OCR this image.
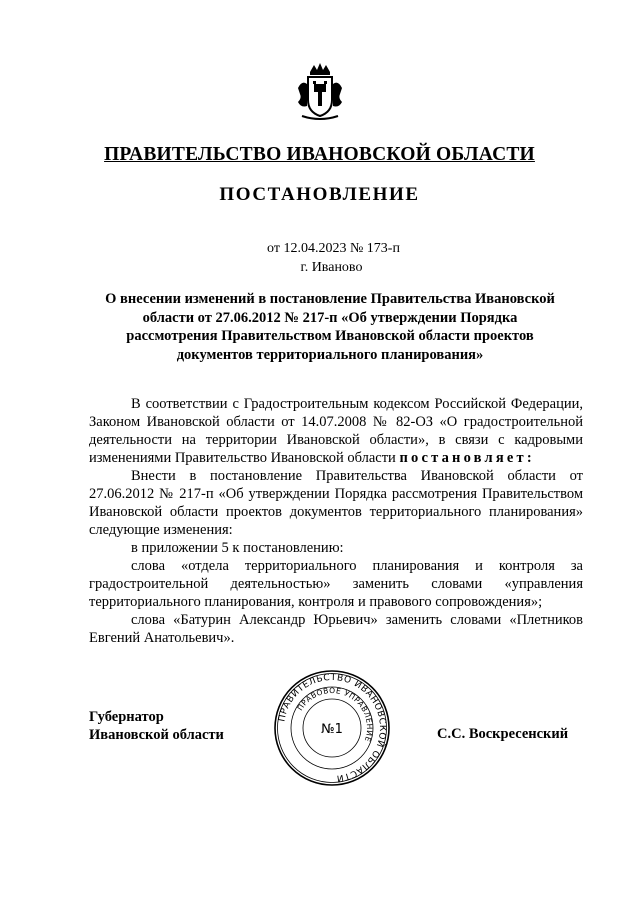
ПРАВИТЕЛЬСТВО ИВАНОВСКОЙ ОБЛАСТИ
ПОСТАНОВЛЕНИЕ
от 12.04.2023 № 173-п
г. Иваново
О внесении изменений в постановление Правительства Ивановской области от 27.06.2012 № 217-п «Об утверждении Порядка рассмотрения Правительством Ивановской области проектов документов территориального планирования»

В соответствии с Градостроительным кодексом Российской Федерации, Законом Ивановской области от 14.07.2008 № 82-ОЗ «О градостроительной деятельности на территории Ивановской области», в связи с кадровыми изменениями Правительство Ивановской области постановляет:

Внести в постановление Правительства Ивановской области от 27.06.2012 № 217-п «Об утверждении Порядка рассмотрения Правительством Ивановской области проектов документов территориального планирования» следующие изменения:

в приложении 5 к постановлению:

слова «отдела территориального планирования и контроля за градостроительной деятельностью» заменить словами «управления территориального планирования, контроля и правового сопровождения»;

слова «Батурин Александр Юрьевич» заменить словами «Плетников Евгений Анатольевич».

Губернатор
Ивановской области
ПРАВИТЕЛЬСТВО ИВАНОВСКОЙ ОБЛАСТИ
ПРАВОВОЕ УПРАВЛЕНИЕ
№1	С.С. Воскресенский
